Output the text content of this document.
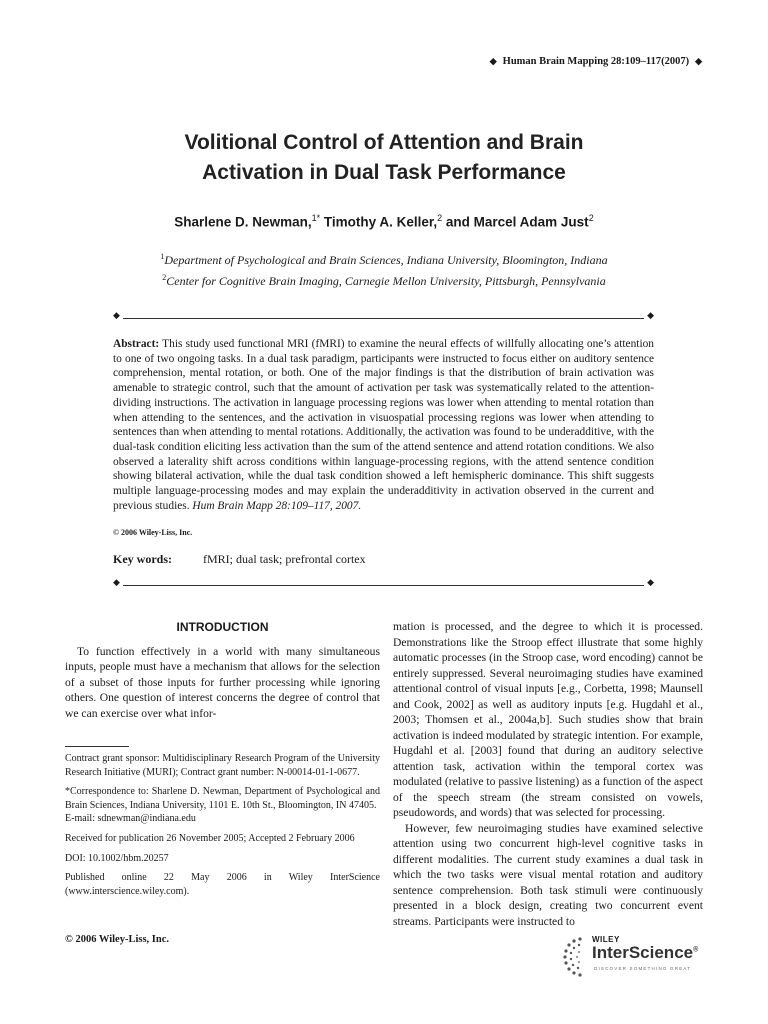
◆ Human Brain Mapping 28:109–117(2007) ◆
Volitional Control of Attention and Brain
Activation in Dual Task Performance
Sharlene D. Newman,$^{1*}$ Timothy A. Keller,$^2$ and Marcel Adam Just$^2$
$^1$Department of Psychological and Brain Sciences, Indiana University, Bloomington, Indiana
$^2$Center for Cognitive Brain Imaging, Carnegie Mellon University, Pittsburgh, Pennsylvania
◆	◆
Abstract: This study used functional MRI (fMRI) to examine the neural effects of willfully allocating one’s attention to one of two ongoing tasks. In a dual task paradigm, participants were instructed to focus either on auditory sentence comprehension, mental rotation, or both. One of the major findings is that the distribution of brain activation was amenable to strategic control, such that the amount of activation per task was systematically related to the attention-dividing instructions. The activation in language processing regions was lower when attending to mental rotation than when attending to the sentences, and the activation in visuospatial processing regions was lower when attending to sentences than when attending to mental rotations. Additionally, the activation was found to be underadditive, with the dual-task condition eliciting less activation than the sum of the attend sentence and attend rotation conditions. We also observed a laterality shift across conditions within language-processing regions, with the attend sentence condition showing bilateral activation, while the dual task condition showed a left hemispheric dominance. This shift suggests multiple language-processing modes and may explain the underadditivity in activation observed in the current and previous studies. Hum Brain Mapp 28:109–117, 2007.
© 2006 Wiley-Liss, Inc.
Key words:	fMRI; dual task; prefrontal cortex
◆	◆
INTRODUCTION

To function effectively in a world with many simultaneous inputs, people must have a mechanism that allows for the selection of a subset of those inputs for further processing while ignoring others. One question of interest concerns the degree of control that we can exercise over what infor-

mation is processed, and the degree to which it is processed. Demonstrations like the Stroop effect illustrate that some highly automatic processes (in the Stroop case, word encoding) cannot be entirely suppressed. Several neuroimaging studies have examined attentional control of visual inputs [e.g., Corbetta, 1998; Maunsell and Cook, 2002] as well as auditory inputs [e.g. Hugdahl et al., 2003; Thomsen et al., 2004a,b]. Such studies show that brain activation is indeed modulated by strategic intention. For example, Hugdahl et al. [2003] found that during an auditory selective attention task, activation within the temporal cortex was modulated (relative to passive listening) as a function of the aspect of the speech stream (the stream consisted on vowels, pseudowords, and words) that was selected for processing.

However, few neuroimaging studies have examined selective attention using two concurrent high-level cognitive tasks in different modalities. The current study examines a dual task in which the two tasks were visual mental rotation and auditory sentence comprehension. Both task stimuli were continuously presented in a block design, creating two concurrent event streams. Participants were instructed to

Contract grant sponsor: Multidisciplinary Research Program of the University Research Initiative (MURI); Contract grant number: N-00014-01-1-0677.

*Correspondence to: Sharlene D. Newman, Department of Psychological and Brain Sciences, Indiana University, 1101 E. 10th St., Bloomington, IN 47405.

E-mail: sdnewman@indiana.edu

Received for publication 26 November 2005; Accepted 2 February 2006

DOI: 10.1002/hbm.20257

Published online 22 May 2006 in Wiley InterScience (www.interscience.wiley.com).

© 2006 Wiley-Liss, Inc.	WILEY
InterScience®
DISCOVER SOMETHING GREAT
